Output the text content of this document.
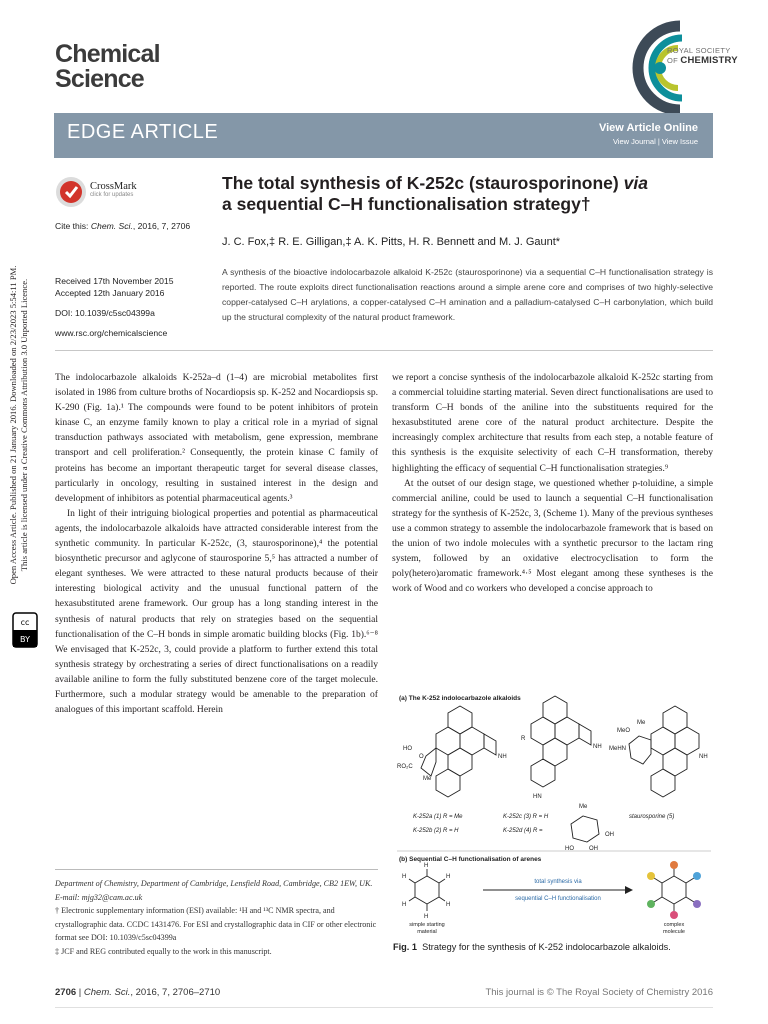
Chemical
Science
ROYAL SOCIETY
OF CHEMISTRY
EDGE ARTICLE	View Article Online
View Journal | View Issue
Open Access Article. Published on 21 January 2016. Downloaded on 2/23/2023 5:54:11 PM. This article is licensed under a Creative Commons Attribution 3.0 Unported Licence.
cc
BY
CrossMark
click for updates
Cite this: Chem. Sci., 2016, 7, 2706
Received 17th November 2015
Accepted 12th January 2016
DOI: 10.1039/c5sc04399a
www.rsc.org/chemicalscience
The total synthesis of K-252c (staurosporinone) via
a sequential C–H functionalisation strategy†
J. C. Fox,‡ R. E. Gilligan,‡ A. K. Pitts, H. R. Bennett and M. J. Gaunt*
A synthesis of the bioactive indolocarbazole alkaloid K-252c (staurosporinone) via a sequential C–H functionalisation strategy is reported. The route exploits direct functionalisation reactions around a simple arene core and comprises of two highly-selective copper-catalysed C–H arylations, a copper-catalysed C–H amination and a palladium-catalysed C–H carbonylation, which build up the structural complexity of the natural product framework.

The indolocarbazole alkaloids K-252a–d (1–4) are microbial metabolites first isolated in 1986 from culture broths of Nocardiopsis sp. K-252 and Nocardiopsis sp. K-290 (Fig. 1a).¹ The compounds were found to be potent inhibitors of protein kinase C, an enzyme family known to play a critical role in a myriad of signal transduction pathways associated with metabolism, gene expression, membrane transport and cell proliferation.² Consequently, the protein kinase C family of proteins has become an important therapeutic target for several disease classes, particularly in oncology, resulting in sustained interest in the design and development of inhibitors as potential pharmaceutical agents.³

In light of their intriguing biological properties and potential as pharmaceutical agents, the indolocarbazole alkaloids have attracted considerable interest from the synthetic community. In particular K-252c, (3, staurosporinone),⁴ the potential biosynthetic precursor and aglycone of staurosporine 5,⁵ has attracted a number of elegant syntheses. We were attracted to these natural products because of their interesting biological activity and the unusual functional pattern of the hexasubstituted arene framework. Our group has a long standing interest in the synthesis of natural products that rely on strategies based on the sequential functionalisation of the C–H bonds in simple aromatic building blocks (Fig. 1b).⁶⁻⁸ We envisaged that K-252c, 3, could provide a platform to further extend this total synthesis strategy by orchestrating a series of direct functionalisations on a readily available aniline to form the fully substituted benzene core of the target molecule. Furthermore, such a modular strategy would be amenable to the preparation of analogues of this important scaffold. Herein

we report a concise synthesis of the indolocarbazole alkaloid K-252c starting from a commercial toluidine starting material. Seven direct functionalisations are used to transform C–H bonds of the aniline into the substituents required for the hexasubstituted arene core of the natural product architecture. Despite the increasingly complex architecture that results from each step, a notable feature of this synthesis is the exquisite selectivity of each C–H transformation, thereby highlighting the efficacy of sequential C–H functionalisation strategies.⁹

At the outset of our design stage, we questioned whether p-toluidine, a simple commercial aniline, could be used to launch a sequential C–H functionalisation strategy for the synthesis of K-252c, 3, (Scheme 1). Many of the previous syntheses use a common strategy to assemble the indolocarbazole framework that is based on the union of two indole molecules with a synthetic precursor to the lactam ring system, followed by an oxidative electrocyclisation to form the poly(hetero)aromatic framework.⁴·⁵ Most elegant among these syntheses is the work of Wood and co workers who developed a concise approach to

Department of Chemistry, Department of Cambridge, Lensfield Road, Cambridge, CB2 1EW, UK. E-mail: mjg32@cam.ac.uk

† Electronic supplementary information (ESI) available: ¹H and ¹³C NMR spectra, and crystallographic data. CCDC 1431476. For ESI and crystallographic data in CIF or other electronic format see DOI: 10.1039/c5sc04399a

‡ JCF and REG contributed equally to the work in this manuscript.

(a) The K-252 indolocarbazole alkaloids
HO
RO₂C
Me
O	NH
K-252a (1) R = Me
K-252b (2) R = H
R
NH
HN
K-252c (3) R = H
K-252d (4) R =
Me
OH
HO	OH
MeO
Me
MeHN
NH
staurosporine (5)
(b) Sequential C–H functionalisation of arenes
H
H
H
H
H
H
simple starting
material
total synthesis via
sequential C–H functionalisation
complex
molecule
Fig. 1 Strategy for the synthesis of K-252 indolocarbazole alkaloids.
2706 | Chem. Sci., 2016, 7, 2706–2710	This journal is © The Royal Society of Chemistry 2016
